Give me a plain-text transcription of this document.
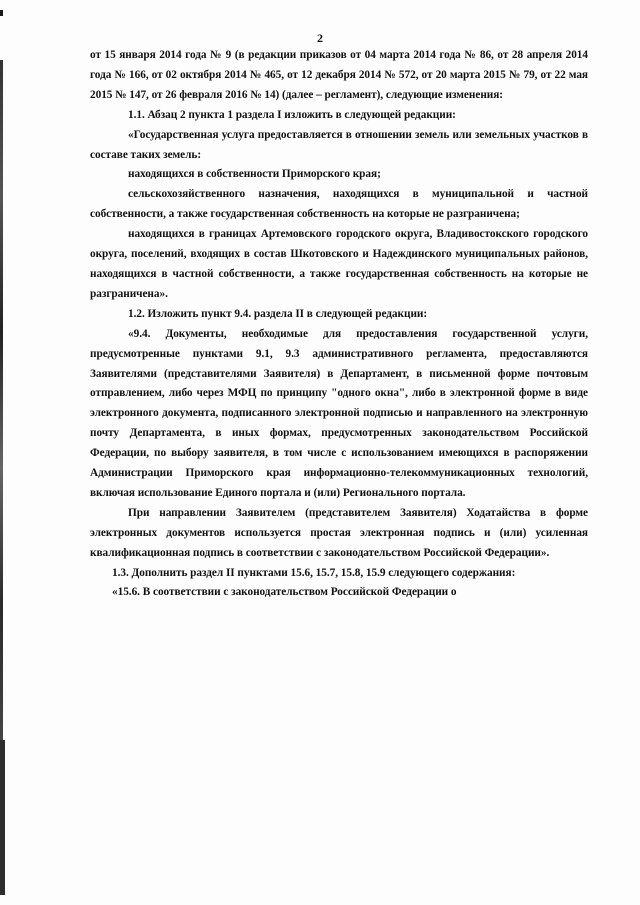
2

от 15 января 2014 года № 9 (в редакции приказов от 04 марта 2014 года № 86, от 28 апреля 2014 года № 166, от 02 октября 2014 № 465, от 12 декабря 2014 № 572, от 20 марта 2015 № 79, от 22 мая 2015 № 147, от 26 февраля 2016 № 14) (далее – регламент), следующие изменения:

1.1. Абзац 2 пункта 1 раздела I изложить в следующей редакции:

«Государственная услуга предоставляется в отношении земель или земельных участков в составе таких земель:

находящихся в собственности Приморского края;

сельскохозяйственного назначения, находящихся в муниципальной и частной собственности, а также государственная собственность на которые не разграничена;

находящихся в границах Артемовского городского округа, Владивостокского городского округа, поселений, входящих в состав Шкотовского и Надеждинского муниципальных районов, находящихся в частной собственности, а также государственная собственность на которые не разграничена».

1.2. Изложить пункт 9.4. раздела II в следующей редакции:

«9.4. Документы, необходимые для предоставления государственной услуги, предусмотренные пунктами 9.1, 9.3 административного регламента, предоставляются Заявителями (представителями Заявителя) в Департамент, в письменной форме почтовым отправлением, либо через МФЦ по принципу "одного окна", либо в электронной форме в виде электронного документа, подписанного электронной подписью и направленного на электронную почту Департамента, в иных формах, предусмотренных законодательством Российской Федерации, по выбору заявителя, в том числе с использованием имеющихся в распоряжении Администрации Приморского края информационно-телекоммуникационных технологий, включая использование Единого портала и (или) Регионального портала.

При направлении Заявителем (представителем Заявителя) Ходатайства в форме электронных документов используется простая электронная подпись и (или) усиленная квалификационная подпись в соответствии с законодательством Российской Федерации».

1.3. Дополнить раздел II пунктами 15.6, 15.7, 15.8, 15.9 следующего содержания:

«15.6. В соответствии с законодательством Российской Федерации о
